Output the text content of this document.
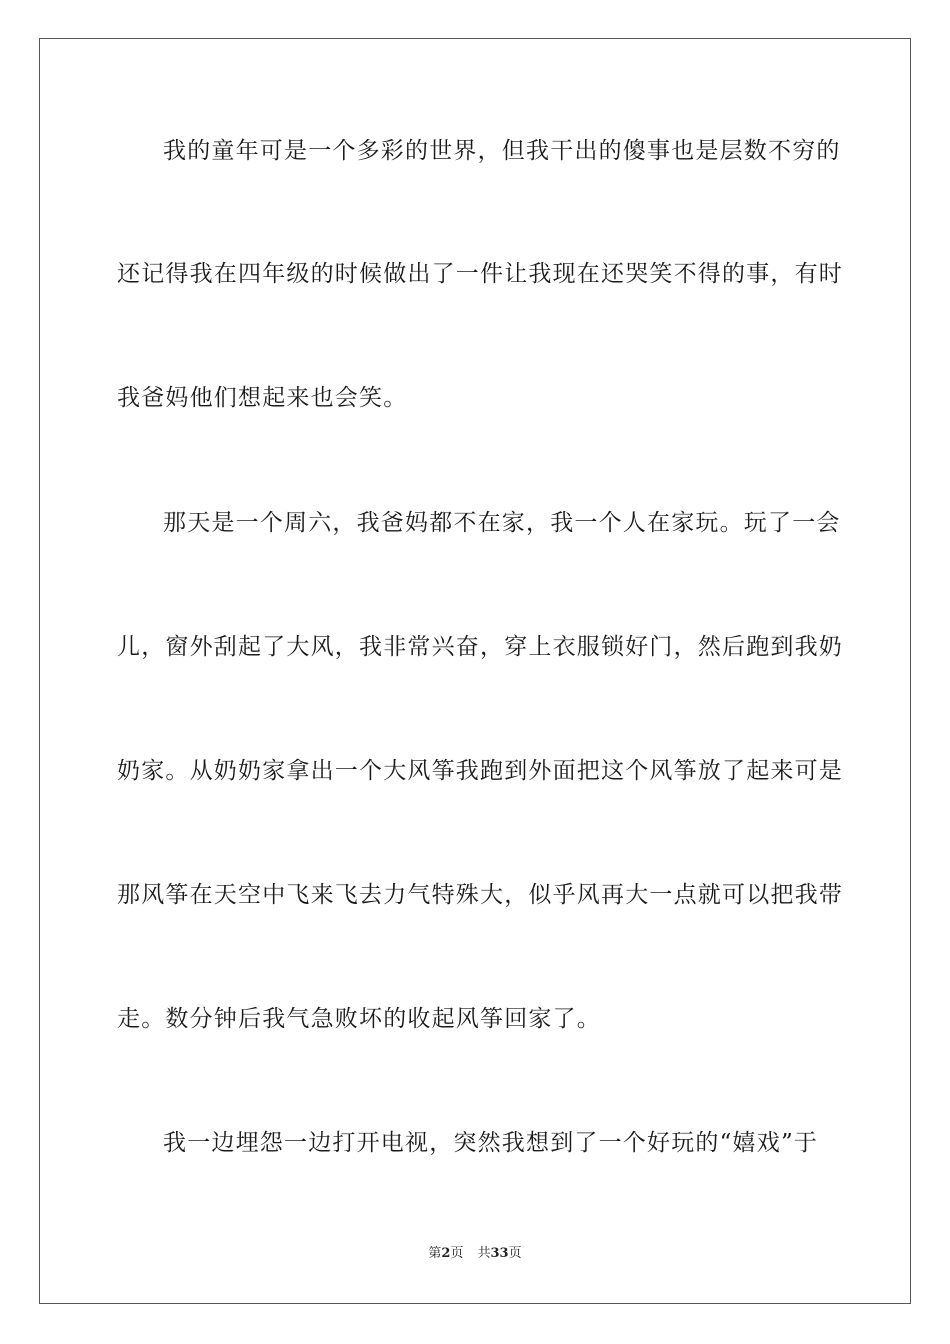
我的童年可是一个多彩的世界，但我干出的傻事也是层数不穷的

还记得我在四年级的时候做出了一件让我现在还哭笑不得的事，有时

我爸妈他们想起来也会笑。

那天是一个周六，我爸妈都不在家，我一个人在家玩。玩了一会

儿，窗外刮起了大风，我非常兴奋，穿上衣服锁好门，然后跑到我奶

奶家。从奶奶家拿出一个大风筝我跑到外面把这个风筝放了起来可是

那风筝在天空中飞来飞去力气特殊大，似乎风再大一点就可以把我带

走。数分钟后我气急败坏的收起风筝回家了。

我一边埋怨一边打开电视，突然我想到了一个好玩的“嬉戏”于

第2页 共33页
